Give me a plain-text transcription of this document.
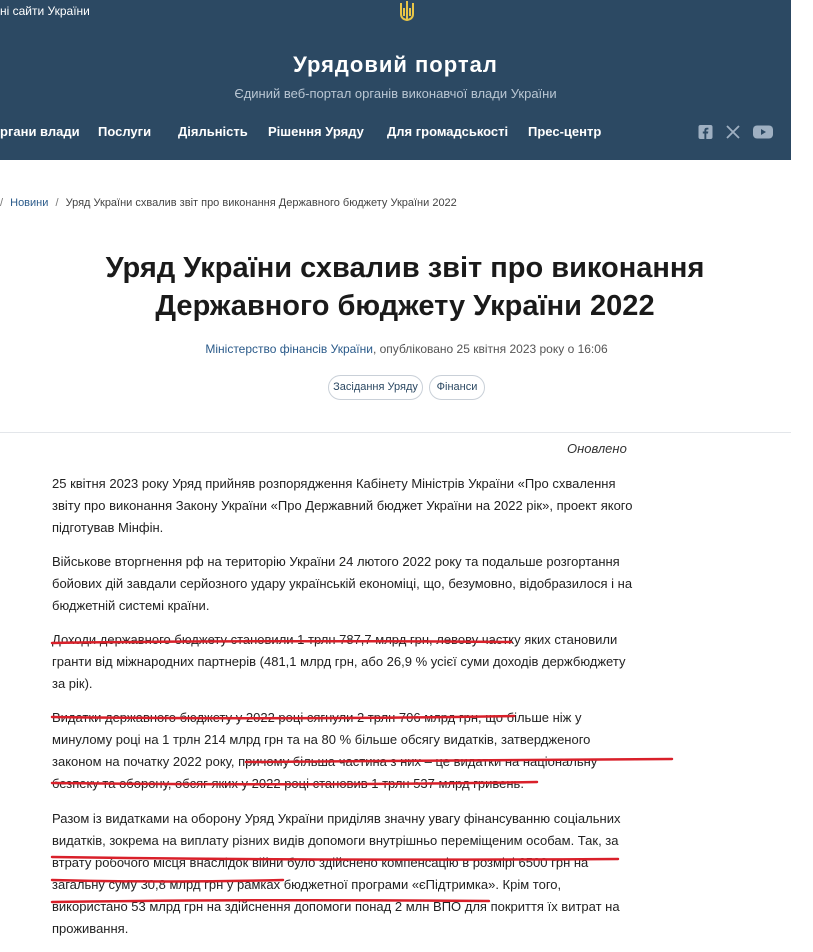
ні сайти України
Урядовий портал
Єдиний веб-портал органів виконавчої влади України
ргани влади Послуги Діяльність Рішення Уряду Для громадськості Прес-центр
/ Новини / Уряд України схвалив звіт про виконання Державного бюджету України 2022
Уряд України схвалив звіт про виконання Державного бюджету України 2022
Міністерство фінансів України, опубліковано 25 квітня 2023 року о 16:06
Засідання Уряду	Фінанси
Оновлено

25 квітня 2023 року Уряд прийняв розпорядження Кабінету Міністрів України «Про схвалення звіту про виконання Закону України «Про Державний бюджет України на 2022 рік», проект якого підготував Мінфін.

Військове вторгнення рф на територію України 24 лютого 2022 року та подальше розгортання бойових дій завдали серйозного удару українській економіці, що, безумовно, відобразилося і на бюджетній системі країни.

Доходи державного бюджету становили 1 трлн 787,7 млрд грн, левову частку яких становили гранти від міжнародних партнерів (481,1 млрд грн, або 26,9 % усієї суми доходів держбюджету за рік).

Видатки державного бюджету у 2022 році сягнули 2 трлн 706 млрд грн, що більше ніж у минулому році на 1 трлн 214 млрд грн та на 80 % більше обсягу видатків, затвердженого законом на початку 2022 року, причому більша частина з них – це видатки на національну безпеку та оборону, обсяг яких у 2022 році становив 1 трлн 537 млрд гривень.

Разом із видатками на оборону Уряд України приділяв значну увагу фінансуванню соціальних видатків, зокрема на виплату різних видів допомоги внутрішньо переміщеним особам. Так, за втрату робочого місця внаслідок війни було здійснено компенсацію в розмірі 6500 грн на загальну суму 30,8 млрд грн у рамках бюджетної програми «єПідтримка». Крім того, використано 53 млрд грн на здійснення допомоги понад 2 млн ВПО для покриття їх витрат на проживання.
